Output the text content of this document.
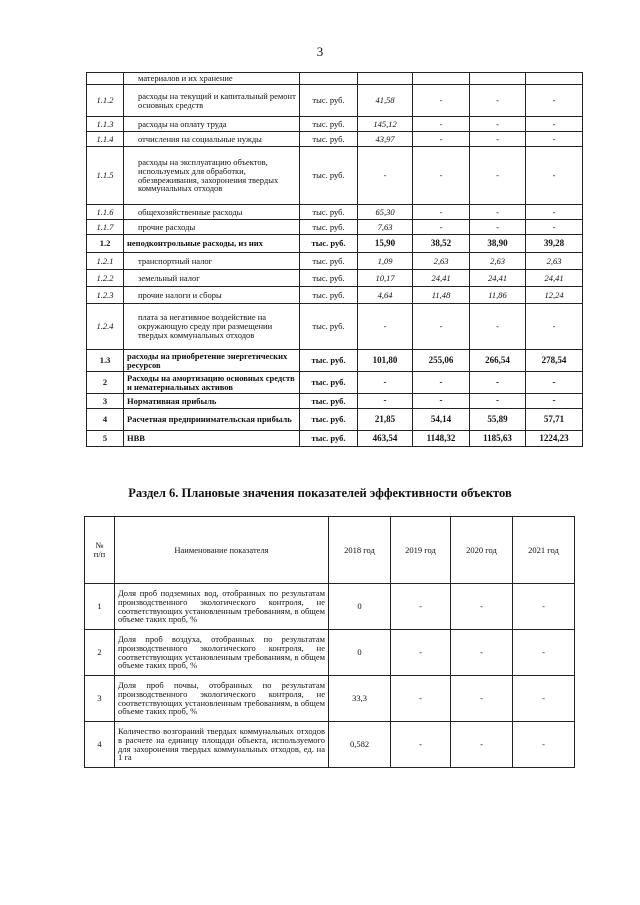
3
	материалов и их хранение					
1.1.2	расходы на текущий и капитальный ремонт основных средств	тыс. руб.	41,58	-	-	-
1.1.3	расходы на оплату труда	тыс. руб.	145,12	-	-	-
1.1.4	отчисления на социальные нужды	тыс. руб.	43,97	-	-	-
1.1.5	расходы на эксплуатацию объектов, используемых для обработки, обезвреживания, захоронения твердых коммунальных отходов	тыс. руб.	-	-	-	-
1.1.6	общехозяйственные расходы	тыс. руб.	65,30	-	-	-
1.1.7	прочие расходы	тыс. руб.	7,63	-	-	-
1.2	неподконтрольные расходы, из них	тыс. руб.	15,90	38,52	38,90	39,28
1.2.1	транспортный налог	тыс. руб.	1,09	2,63	2,63	2,63
1.2.2	земельный налог	тыс. руб.	10,17	24,41	24,41	24,41
1.2.3	прочие налоги и сборы	тыс. руб.	4,64	11,48	11,86	12,24
1.2.4	плата за негативное воздействие на окружающую среду при размещении твердых коммунальных отходов	тыс. руб.	-	-	-	-
1.3	расходы на приобретение энергетических ресурсов	тыс. руб.	101,80	255,06	266,54	278,54
2	Расходы на амортизацию основных средств и нематериальных активов	тыс. руб.	-	-	-	-
3	Нормативная прибыль	тыс. руб.	-	-	-	-
4	Расчетная предпринимательская прибыль	тыс. руб.	21,85	54,14	55,89	57,71
5	НВВ	тыс. руб.	463,54	1148,32	1185,63	1224,23
Раздел 6. Плановые значения показателей эффективности объектов
№
п/п	Наименование показателя	2018 год	2019 год	2020 год	2021 год
1	Доля проб подземных вод, отобранных по результатам производственного экологического контроля, не соответствующих установленным требованиям, в общем объеме таких проб, %	0	-	-	-
2	Доля проб воздуха, отобранных по результатам производственного экологического контроля, не соответствующих установленным требованиям, в общем объеме таких проб, %	0	-	-	-
3	Доля проб почвы, отобранных по результатам производственного экологического контроля, не соответствующих установленным требованиям, в общем объеме таких проб, %	33,3	-	-	-
4	Количество возгораний твердых коммунальных отходов в расчете на единицу площади объекта, используемого для захоронения твердых коммунальных отходов, ед. на 1 га	0,582	-	-	-
